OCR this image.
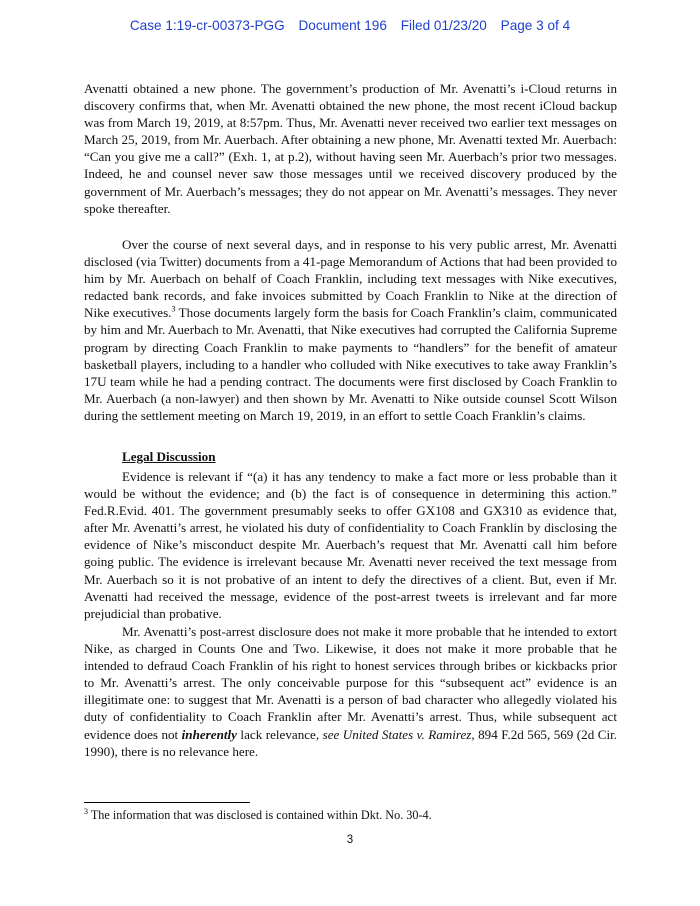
Case 1:19-cr-00373-PGG Document 196 Filed 01/23/20 Page 3 of 4

Avenatti obtained a new phone. The government’s production of Mr. Avenatti’s i-Cloud returns in discovery confirms that, when Mr. Avenatti obtained the new phone, the most recent iCloud backup was from March 19, 2019, at 8:57pm. Thus, Mr. Avenatti never received two earlier text messages on March 25, 2019, from Mr. Auerbach. After obtaining a new phone, Mr. Avenatti texted Mr. Auerbach: “Can you give me a call?” (Exh. 1, at p.2), without having seen Mr. Auerbach’s prior two messages. Indeed, he and counsel never saw those messages until we received discovery produced by the government of Mr. Auerbach’s messages; they do not appear on Mr. Avenatti’s messages. They never spoke thereafter.

Over the course of next several days, and in response to his very public arrest, Mr. Avenatti disclosed (via Twitter) documents from a 41-page Memorandum of Actions that had been provided to him by Mr. Auerbach on behalf of Coach Franklin, including text messages with Nike executives, redacted bank records, and fake invoices submitted by Coach Franklin to Nike at the direction of Nike executives.$^3$ Those documents largely form the basis for Coach Franklin’s claim, communicated by him and Mr. Auerbach to Mr. Avenatti, that Nike executives had corrupted the California Supreme program by directing Coach Franklin to make payments to “handlers” for the benefit of amateur basketball players, including to a handler who colluded with Nike executives to take away Franklin’s 17U team while he had a pending contract. The documents were first disclosed by Coach Franklin to Mr. Auerbach (a non-lawyer) and then shown by Mr. Avenatti to Nike outside counsel Scott Wilson during the settlement meeting on March 19, 2019, in an effort to settle Coach Franklin’s claims.

Legal Discussion

Evidence is relevant if “(a) it has any tendency to make a fact more or less probable than it would be without the evidence; and (b) the fact is of consequence in determining this action.” Fed.R.Evid. 401. The government presumably seeks to offer GX108 and GX310 as evidence that, after Mr. Avenatti’s arrest, he violated his duty of confidentiality to Coach Franklin by disclosing the evidence of Nike’s misconduct despite Mr. Auerbach’s request that Mr. Avenatti call him before going public. The evidence is irrelevant because Mr. Avenatti never received the text message from Mr. Auerbach so it is not probative of an intent to defy the directives of a client. But, even if Mr. Avenatti had received the message, evidence of the post-arrest tweets is irrelevant and far more prejudicial than probative.

Mr. Avenatti’s post-arrest disclosure does not make it more probable that he intended to extort Nike, as charged in Counts One and Two. Likewise, it does not make it more probable that he intended to defraud Coach Franklin of his right to honest services through bribes or kickbacks prior to Mr. Avenatti’s arrest. The only conceivable purpose for this “subsequent act” evidence is an illegitimate one: to suggest that Mr. Avenatti is a person of bad character who allegedly violated his duty of confidentiality to Coach Franklin after Mr. Avenatti’s arrest. Thus, while subsequent act evidence does not inherently lack relevance, see United States v. Ramirez, 894 F.2d 565, 569 (2d Cir. 1990), there is no relevance here.

$^3$ The information that was disclosed is contained within Dkt. No. 30-4.
3
